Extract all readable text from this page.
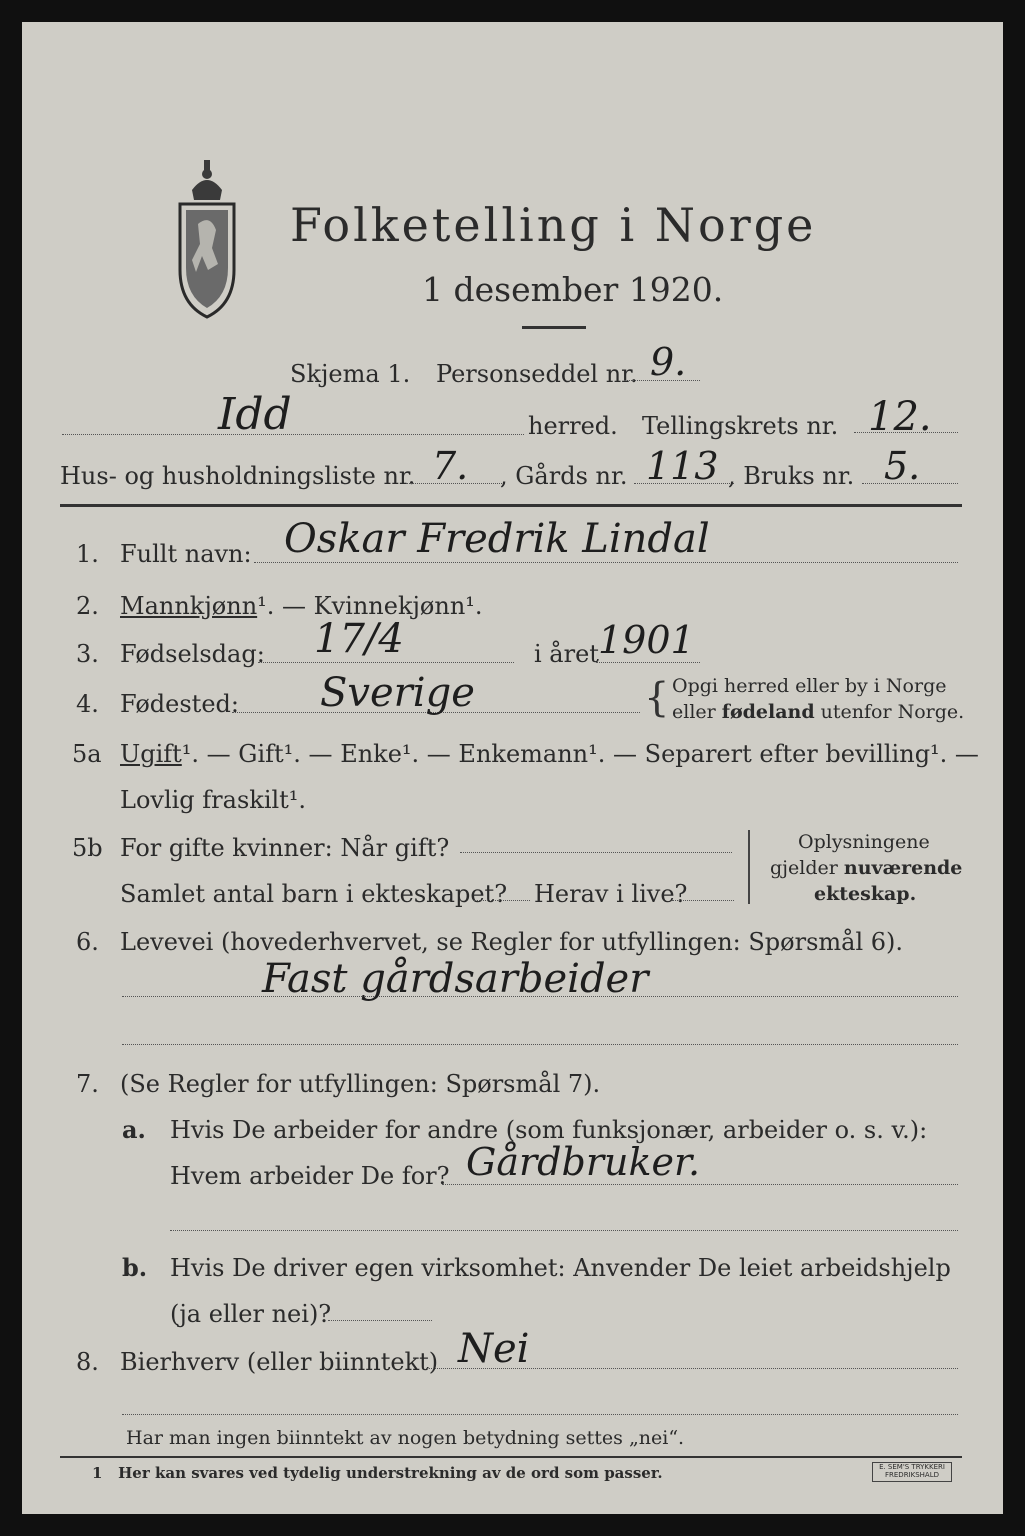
Folketelling i Norge
1 desember 1920.
Skjema 1. Personseddel nr. 9.
Idd	herred. Tellingskrets nr. 12.
Hus- og husholdningsliste nr. 7. , Gårds nr. 113 , Bruks nr. 5.
1. Fullt navn: Oskar Fredrik Lindal
2. Mannkjønn¹. — Kvinnekjønn¹.
3. Fødselsdag: 17/4	i året 1901
4. Fødested: Sverige	{ Opgi herred eller by i Norge
eller fødeland utenfor Norge.
5a Ugift¹. — Gift¹. — Enke¹. — Enkemann¹. — Separert efter bevilling¹. —
Lovlig fraskilt¹.
5b For gifte kvinner: Når gift?
Samlet antal barn i ekteskapet? Herav i live?
Oplysningene
gjelder nuværende
ekteskap.
6. Levevei (hovederhvervet, se Regler for utfyllingen: Spørsmål 6).
Fast gårdsarbeider
7. (Se Regler for utfyllingen: Spørsmål 7).
a. Hvis De arbeider for andre (som funksjonær, arbeider o. s. v.):
Hvem arbeider De for? Gårdbruker.
b. Hvis De driver egen virksomhet: Anvender De leiet arbeidshjelp
(ja eller nei)?
8. Bierhverv (eller biinntekt) Nei
Har man ingen biinntekt av nogen betydning settes „nei“.
1 Her kan svares ved tydelig understrekning av de ord som passer.	E. SEM'S TRYKKERI
FREDRIKSHALD
